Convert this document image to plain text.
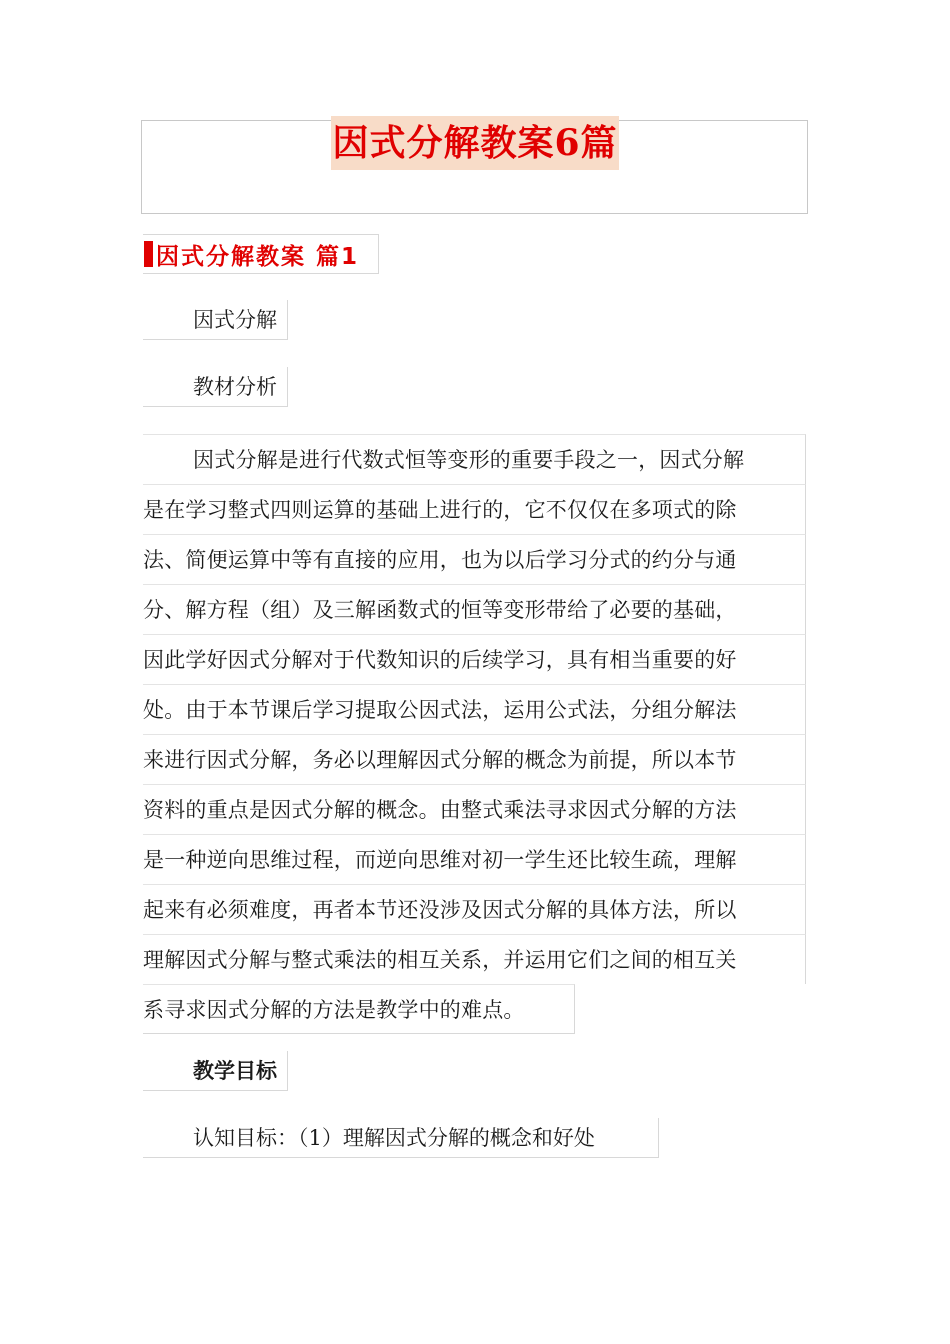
因式分解教案6篇
因式分解教案 篇1
因式分解
教材分析
因式分解是进行代数式恒等变形的重要手段之一，因式分解
是在学习整式四则运算的基础上进行的，它不仅仅在多项式的除
法、简便运算中等有直接的应用，也为以后学习分式的约分与通
分、解方程（组）及三解函数式的恒等变形带给了必要的基础，
因此学好因式分解对于代数知识的后续学习，具有相当重要的好
处。由于本节课后学习提取公因式法，运用公式法，分组分解法
来进行因式分解，务必以理解因式分解的概念为前提，所以本节
资料的重点是因式分解的概念。由整式乘法寻求因式分解的方法
是一种逆向思维过程，而逆向思维对初一学生还比较生疏，理解
起来有必须难度，再者本节还没涉及因式分解的具体方法，所以
理解因式分解与整式乘法的相互关系，并运用它们之间的相互关
系寻求因式分解的方法是教学中的难点。
教学目标
认知目标：（1）理解因式分解的概念和好处
